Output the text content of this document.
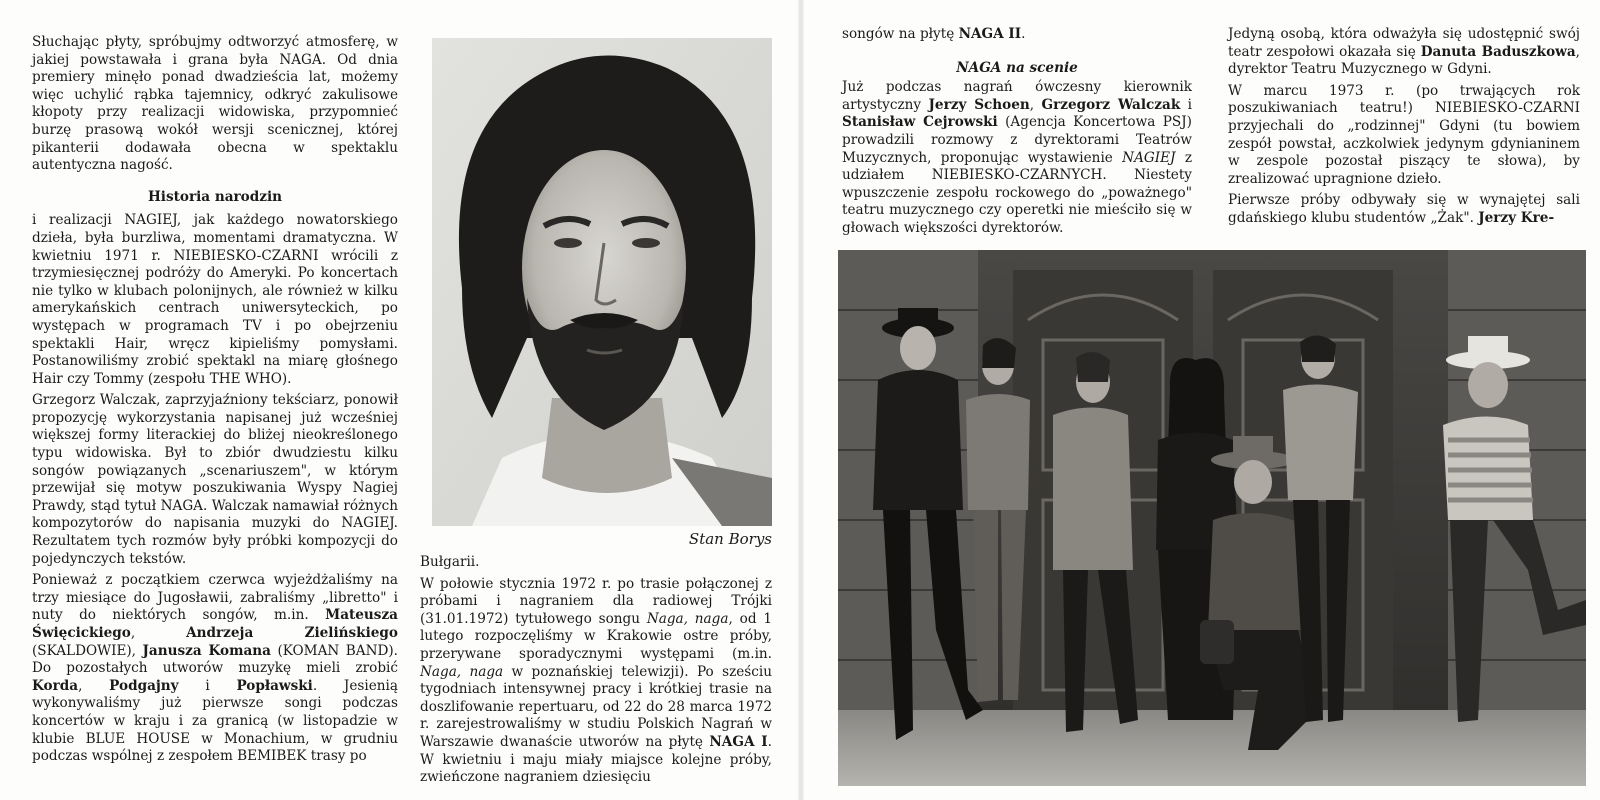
Słuchając płyty, spróbujmy odtworzyć atmosferę, w jakiej powstawała i grana była NAGA. Od dnia premiery minęło ponad dwadzieścia lat, możemy więc uchylić rąbka tajemnicy, odkryć zakulisowe kłopoty przy realizacji widowiska, przypomnieć burzę prasową wokół wersji scenicznej, której pikanterii dodawała obecna w spektaklu autentyczna nagość.

Historia narodzin

i realizacji NAGIEJ, jak każdego nowatorskiego dzieła, była burzliwa, momentami dramatyczna. W kwietniu 1971 r. NIEBIESKO-CZARNI wrócili z trzymiesięcznej podróży do Ameryki. Po koncertach nie tylko w klubach polonijnych, ale również w kilku amerykańskich centrach uniwersyteckich, po występach w programach TV i po obejrzeniu spektakli Hair, wręcz kipieliśmy pomysłami. Postanowiliśmy zrobić spektakl na miarę głośnego Hair czy Tommy (zespołu THE WHO).

Grzegorz Walczak, zaprzyjaźniony tekściarz, ponowił propozycję wykorzystania napisanej już wcześniej większej formy literackiej do bliżej nieokreślonego typu widowiska. Był to zbiór dwudziestu kilku songów powiązanych „scenariuszem", w którym przewijał się motyw poszukiwania Wyspy Nagiej Prawdy, stąd tytuł NAGA. Walczak namawiał różnych kompozytorów do napisania muzyki do NAGIEJ. Rezultatem tych rozmów były próbki kompozycji do pojedynczych tekstów.

Ponieważ z początkiem czerwca wyjeżdżaliśmy na trzy miesiące do Jugosławii, zabraliśmy „libretto" i nuty do niektórych songów, m.in. Mateusza Święcickiego, Andrzeja Zielińskiego (SKALDOWIE), Janusza Komana (KOMAN BAND). Do pozostałych utworów muzykę mieli zrobić Korda, Podgajny i Popławski. Jesienią wykonywaliśmy już pierwsze songi podczas koncertów w kraju i za granicą (w listopadzie w klubie BLUE HOUSE w Monachium, w grudniu podczas wspólnej z zespołem BEMIBEK trasy po

Stan Borys

Bułgarii.

W połowie stycznia 1972 r. po trasie połączonej z próbami i nagraniem dla radiowej Trójki (31.01.1972) tytułowego songu Naga, naga, od 1 lutego rozpoczęliśmy w Krakowie ostre próby, przerywane sporadycznymi występami (m.in. Naga, naga w poznańskiej telewizji). Po sześciu tygodniach intensywnej pracy i krótkiej trasie na doszlifowanie repertuaru, od 22 do 28 marca 1972 r. zarejestrowaliśmy w studiu Polskich Nagrań w Warszawie dwanaście utworów na płytę NAGA I. W kwietniu i maju miały miajsce kolejne próby, zwieńczone nagraniem dziesięciu

songów na płytę NAGA II.

NAGA na scenie

Już podczas nagrań ówczesny kierownik artystyczny Jerzy Schoen, Grzegorz Walczak i Stanisław Cejrowski (Agencja Koncertowa PSJ) prowadzili rozmowy z dyrektorami Teatrów Muzycznych, proponując wystawienie NAGIEJ z udziałem NIEBIESKO-CZARNYCH. Niestety wpuszczenie zespołu rockowego do „poważnego" teatru muzycznego czy operetki nie mieściło się w głowach większości dyrektorów.

Jedyną osobą, która odważyła się udostępnić swój teatr zespołowi okazała się Danuta Baduszkowa, dyrektor Teatru Muzycznego w Gdyni.

W marcu 1973 r. (po trwających rok poszukiwaniach teatru!) NIEBIESKO-CZARNI przyjechali do „rodzinnej" Gdyni (tu bowiem zespół powstał, aczkolwiek jedynym gdynianinem w zespole pozostał piszący te słowa), by zrealizować upragnione dzieło.

Pierwsze próby odbywały się w wynajętej sali gdańskiego klubu studentów „Żak". Jerzy Kre-
